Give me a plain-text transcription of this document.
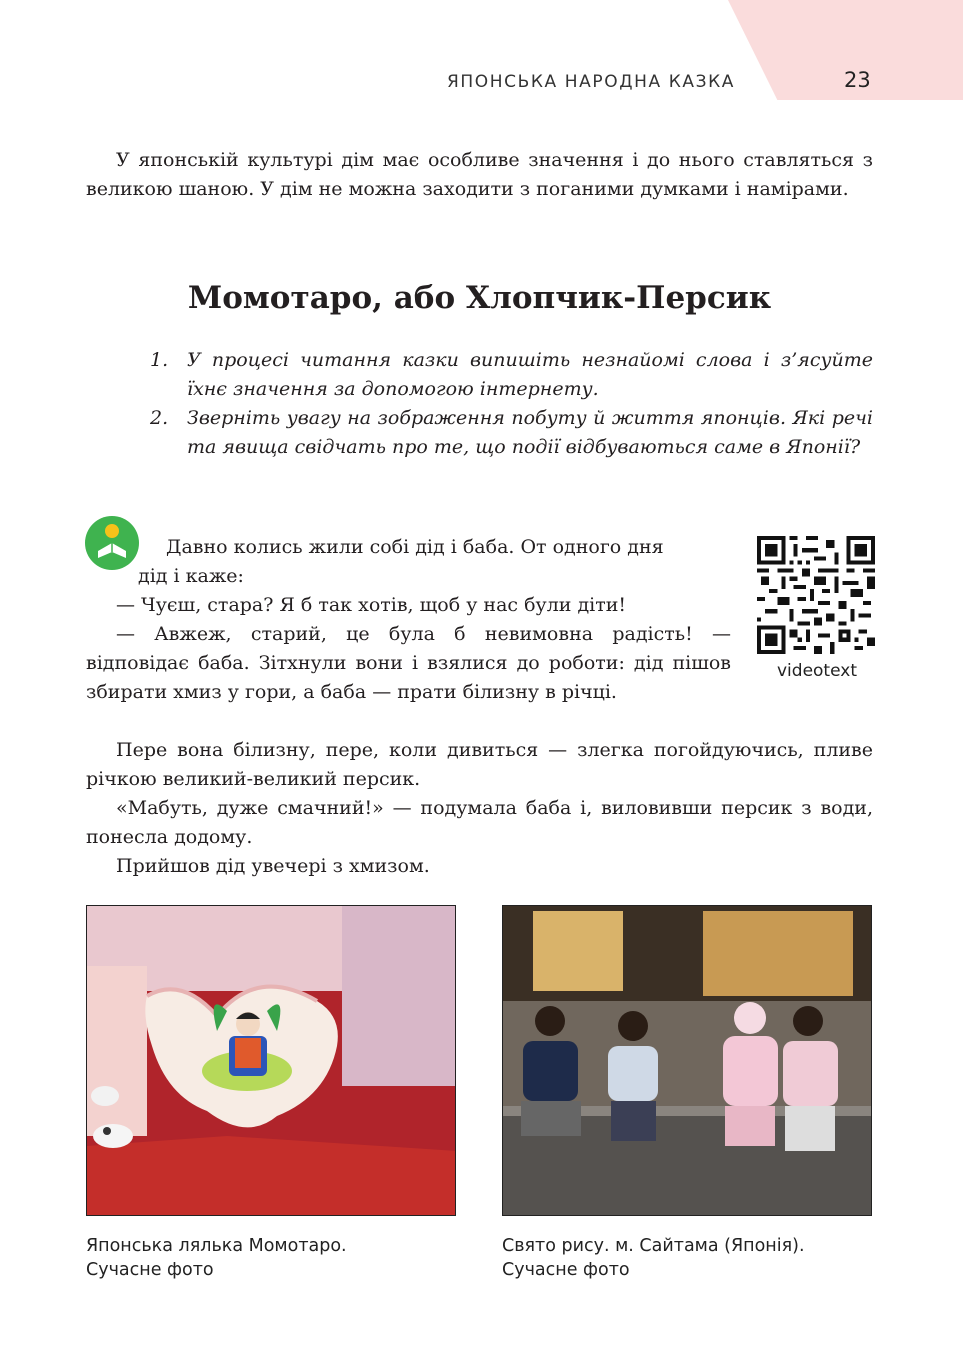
ЯПОНСЬКА НАРОДНА КАЗКА	23

У японській культурі дім має особливе значення і до нього ставляться з великою шаною. У дім не можна заходити з поганими думками і намірами.

Момотаро, або Хлопчик-Персик
1. У процесі читання казки випишіть незнайомі слова і з’ясуйте їхнє значення за допомогою інтернету.
2. Зверніть увагу на зображення побуту й життя японців. Які речі та явища свідчать про те, що події відбуваються саме в Японії?

Давно колись жили собі дід і баба. От одного дня

дід і каже:

— Чуєш, стара? Я б так хотів, щоб у нас були діти!

— Авжеж, старий, це була б невимовна радість! — відповідає баба. Зітхнули вони і взялися до роботи: дід пішов збирати хмиз у гори, а баба — прати білизну в річці.

videotext

Пере вона білизну, пере, коли дивиться — злегка погойдуючись, пливе річкою великий-великий персик.

«Мабуть, дуже смачний!» — подумала баба і, виловивши персик з води, понесла додому.

Прийшов дід увечері з хмизом.

Японська лялька Момотаро.
Сучасне фото
Свято рису. м. Сайтама (Японія).
Сучасне фото
